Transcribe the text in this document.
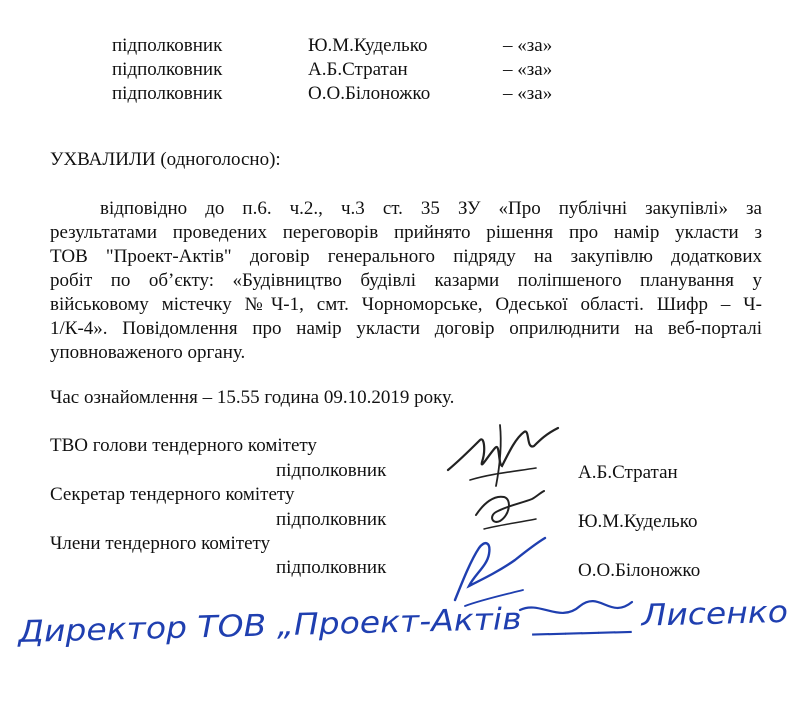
підполковник	Ю.М.Куделько	– «за»
підполковник	А.Б.Стратан	– «за»
підполковник	О.О.Білоножко	– «за»
УХВАЛИЛИ (одноголосно):
відповідно до п.6. ч.2., ч.3 ст. 35 ЗУ «Про публічні закупівлі» за
результатами проведених переговорів прийнято рішення про намір укласти з
ТОВ "Проект-Актів" договір генерального підряду на закупівлю додаткових
робіт по об’єкту: «Будівництво будівлі казарми поліпшеного планування у
військовому містечку №Ч-1, смт. Чорноморське, Одеської області. Шифр – Ч-
1/К-4». Повідомлення про намір укласти договір оприлюднити на веб-порталі
уповноваженого органу.
Час ознайомлення – 15.55 година 09.10.2019 року.
ТВО голови тендерного комітету
підполковник	А.Б.Стратан
Секретар тендерного комітету
підполковник	Ю.М.Куделько
Члени тендерного комітету
підполковник	О.О.Білоножко
Директор ТОВ „Проект-Актів ______ Лисенко
